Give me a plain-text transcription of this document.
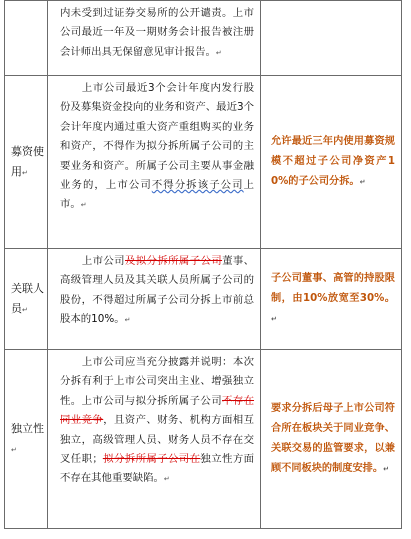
	内未受到过证券交易所的公开谴责。上市公司最近一年及一期财务会计报告被注册会计师出具无保留意见审计报告。↵	

募资使用↵	上市公司最近3个会计年度内发行股份及募集资金投向的业务和资产、最近3个会计年度内通过重大资产重组购买的业务和资产，不得作为拟分拆所属子公司的主要业务和资产。所属子公司主要从事金融业务的，上市公司不得分拆该子公司上市。↵	允许最近三年内使用募资规模不超过子公司净资产10%的子公司分拆。↵

关联人员↵	上市公司及拟分拆所属子公司董事、高级管理人员及其关联人员所属子公司的股份，不得超过所属子公司分拆上市前总股本的10%。↵	子公司董事、高管的持股限制，由10%放宽至30%。↵

独立性↵	上市公司应当充分披露并说明：本次分拆有利于上市公司突出主业、增强独立性。上市公司与拟分拆所属子公司不存在同业竞争，且资产、财务、机构方面相互独立，高级管理人员、财务人员不存在交叉任职；拟分拆所属子公司在独立性方面不存在其他重要缺陷。↵	要求分拆后母子上市公司符合所在板块关于同业竞争、关联交易的监管要求，以兼顾不同板块的制度安排。↵
